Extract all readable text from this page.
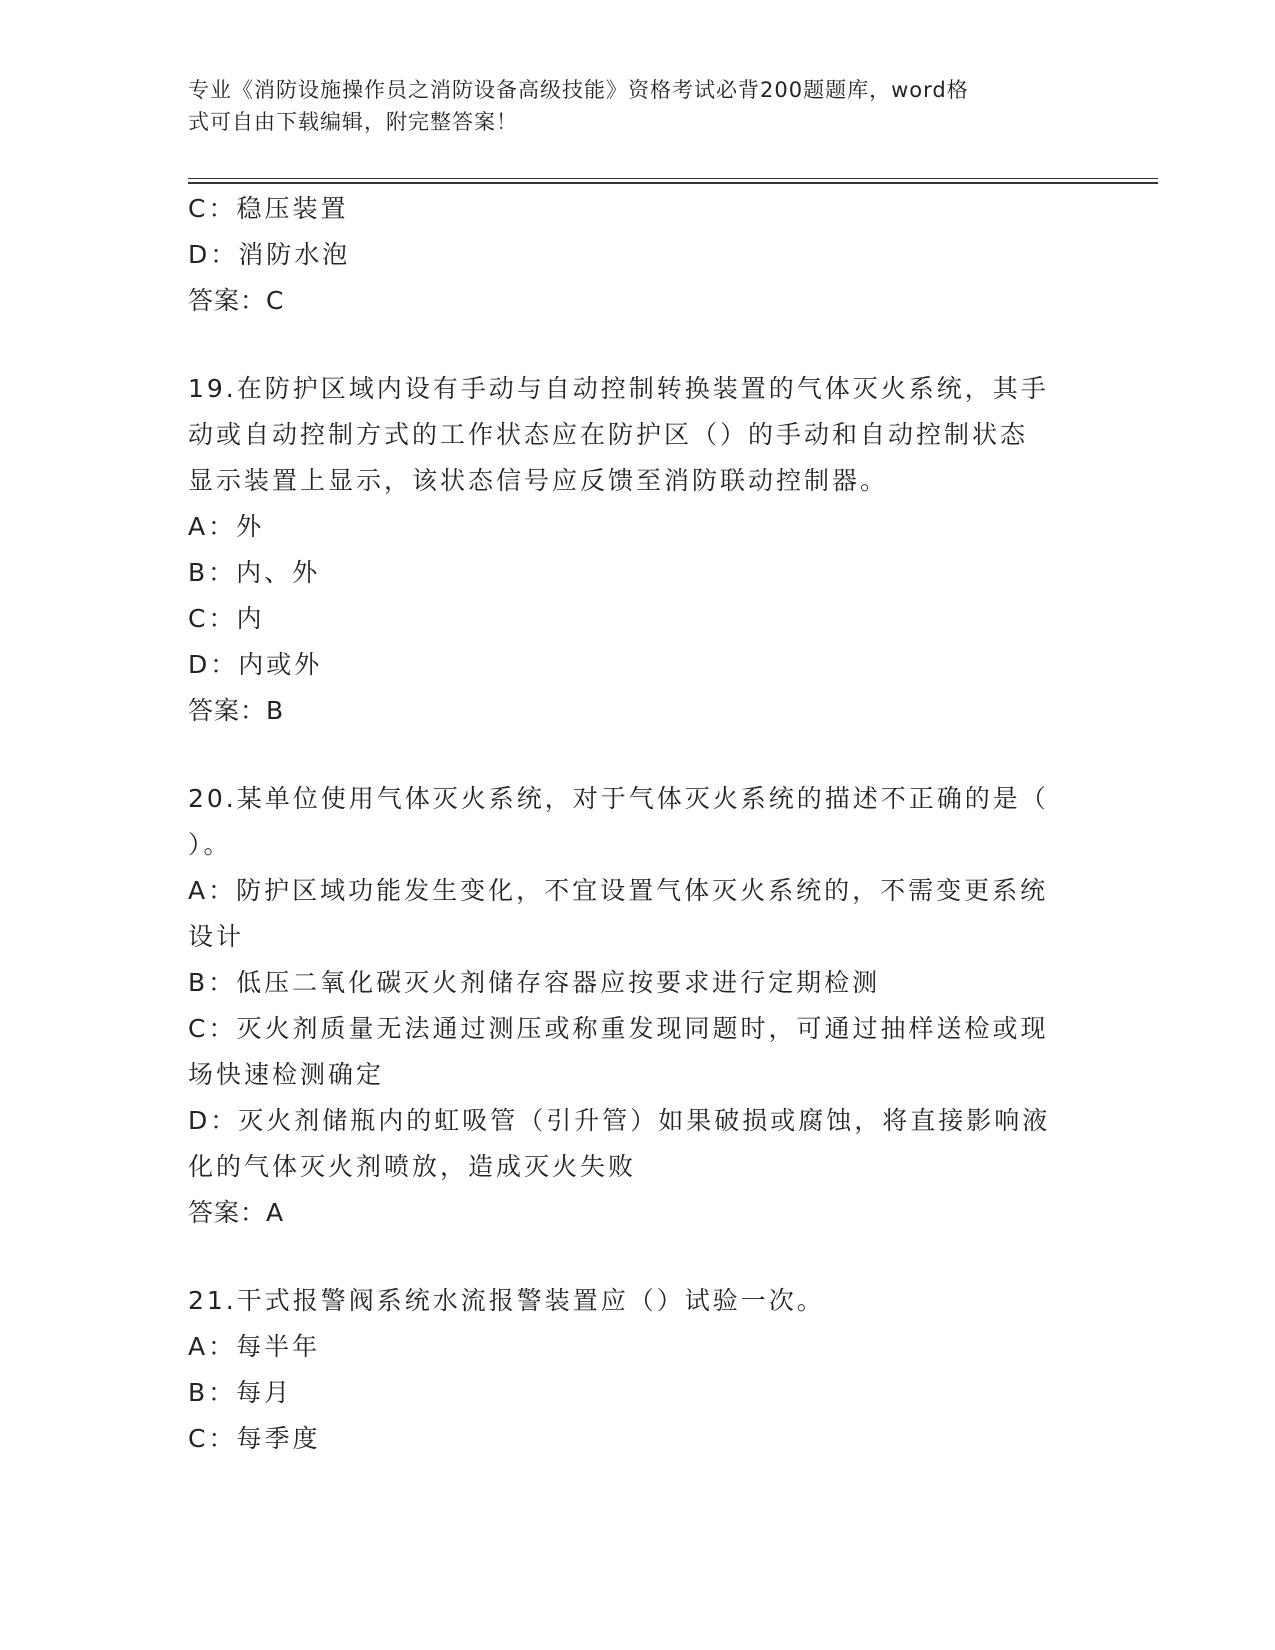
专业《消防设施操作员之消防设备高级技能》资格考试必背200题题库，word格
式可自由下载编辑，附完整答案！
C：稳压装置
D：消防水泡
答案：C
19.在防护区域内设有手动与自动控制转换装置的气体灭火系统，其手
动或自动控制方式的工作状态应在防护区（）的手动和自动控制状态
显示装置上显示，该状态信号应反馈至消防联动控制器。
A：外
B：内、外
C：内
D：内或外
答案：B
20.某单位使用气体灭火系统，对于气体灭火系统的描述不正确的是（
）。
A：防护区域功能发生变化，不宜设置气体灭火系统的，不需变更系统
设计
B：低压二氧化碳灭火剂储存容器应按要求进行定期检测
C：灭火剂质量无法通过测压或称重发现同题时，可通过抽样送检或现
场快速检测确定
D：灭火剂储瓶内的虹吸管（引升管）如果破损或腐蚀，将直接影响液
化的气体灭火剂喷放，造成灭火失败
答案：A
21.干式报警阀系统水流报警装置应（）试验一次。
A：每半年
B：每月
C：每季度
